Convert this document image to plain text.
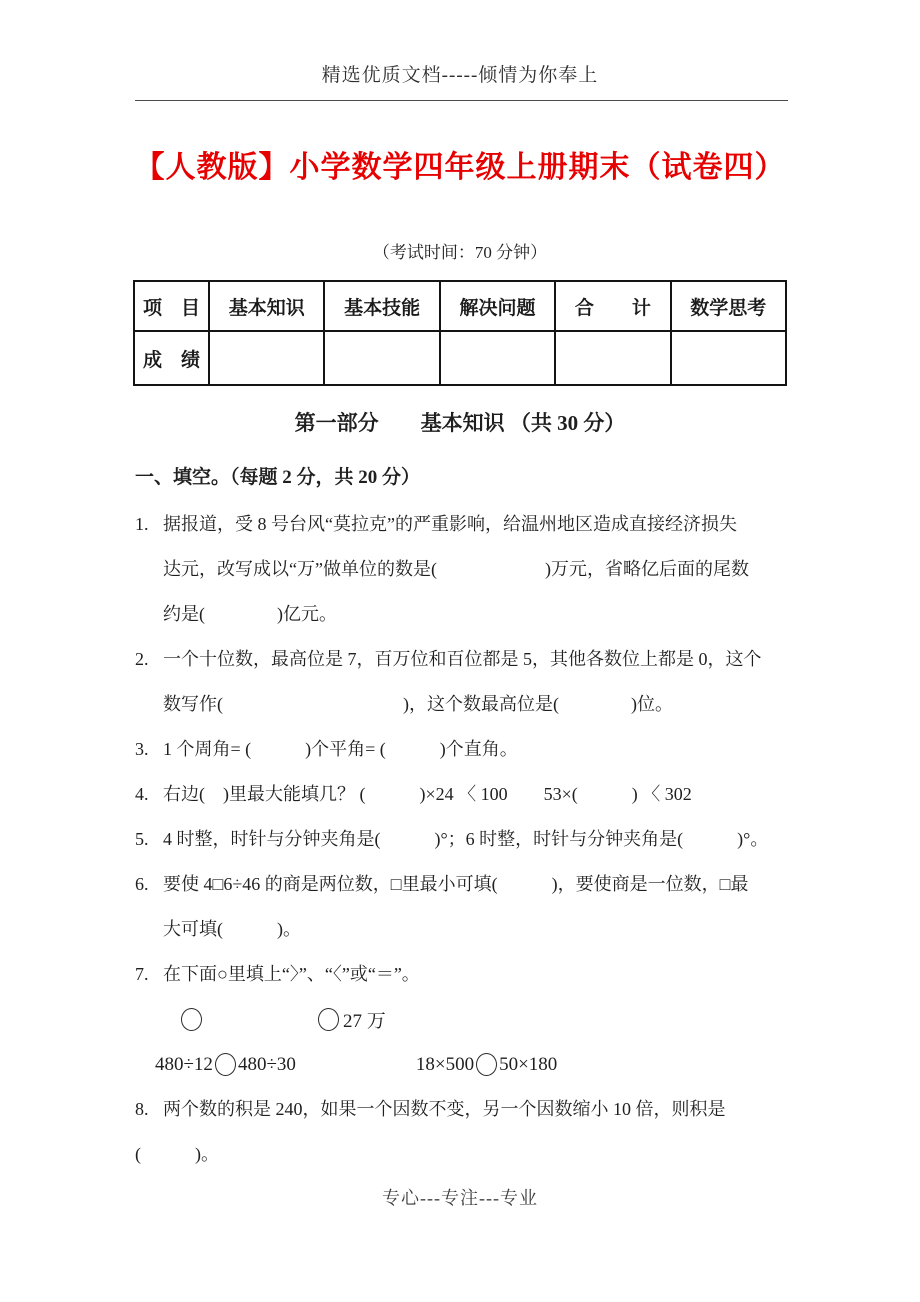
精选优质文档-----倾情为你奉上
【人教版】小学数学四年级上册期末（试卷四）
（考试时间：70 分钟）
项　目	基本知识	基本技能	解决问题	合　　计	数学思考
成　绩					
第一部分　　基本知识 （共 30 分）
一、填空。（每题 2 分，共 20 分）
1. 据报道，受 8 号台风“莫拉克”的严重影响，给温州地区造成直接经济损失
达元，改写成以“万”做单位的数是(　　　　　　)万元，省略亿后面的尾数
约是(　　　　)亿元。
2. 一个十位数，最高位是 7，百万位和百位都是 5，其他各数位上都是 0，这个
数写作(　　　　　　　　　　)，这个数最高位是(　　　　)位。
3. 1 个周角= (　　　)个平角= (　　　)个直角。
4. 右边(　)里最大能填几？ (　　　)×24 〈 100　　53×(　　　) 〈 302
5. 4 时整，时针与分钟夹角是(　　　)°；6 时整，时针与分钟夹角是(　　　)°。
6. 要使 4□6÷46 的商是两位数，□里最小可填(　　　)，要使商是一位数，□最
大可填(　　　)。
7. 在下面○里填上“〉”、“〈”或“＝”。
27 万
480÷12 480÷30	18×500 50×180
8. 两个数的积是 240，如果一个因数不变，另一个因数缩小 10 倍，则积是
(　　　)。
专心---专注---专业
